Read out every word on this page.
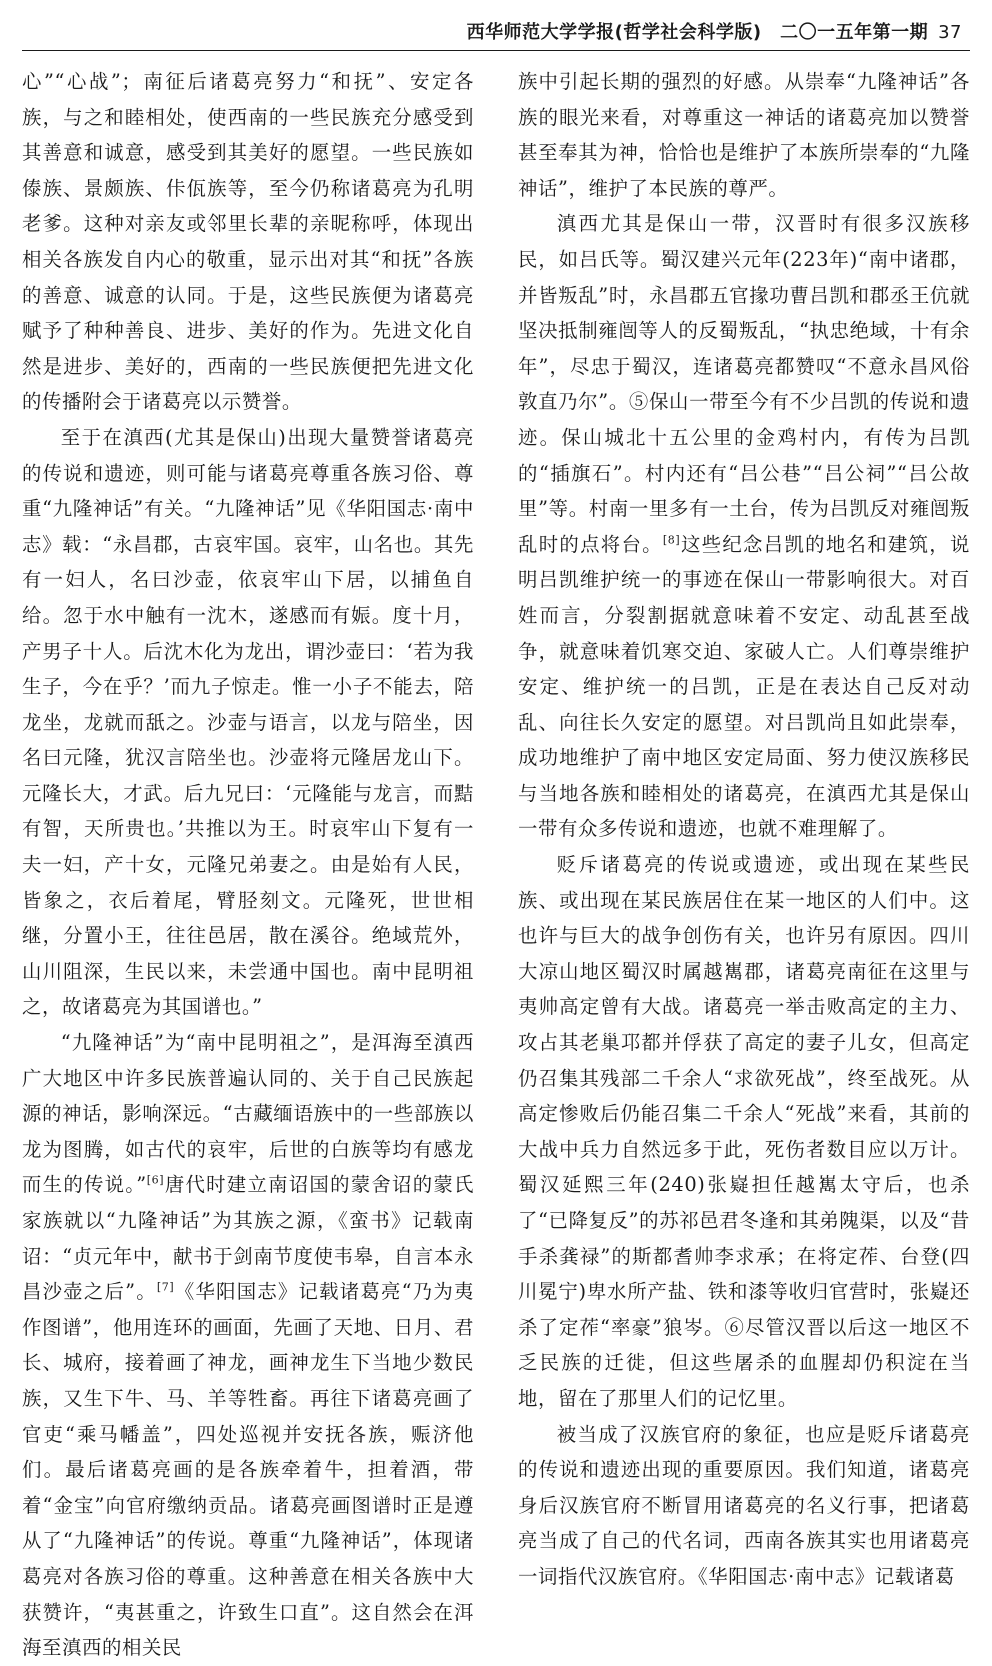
西华师范大学学报(哲学社会科学版)　二〇一五年第一期 37

心”“心战”；南征后诸葛亮努力“和抚”、安定各族，与之和睦相处，使西南的一些民族充分感受到其善意和诚意，感受到其美好的愿望。一些民族如傣族、景颇族、佧佤族等，至今仍称诸葛亮为孔明老爹。这种对亲友或邻里长辈的亲昵称呼，体现出相关各族发自内心的敬重，显示出对其“和抚”各族的善意、诚意的认同。于是，这些民族便为诸葛亮赋予了种种善良、进步、美好的作为。先进文化自然是进步、美好的，西南的一些民族便把先进文化的传播附会于诸葛亮以示赞誉。

至于在滇西(尤其是保山)出现大量赞誉诸葛亮的传说和遗迹，则可能与诸葛亮尊重各族习俗、尊重“九隆神话”有关。“九隆神话”见《华阳国志·南中志》载：“永昌郡，古哀牢国。哀牢，山名也。其先有一妇人，名曰沙壶，依哀牢山下居，以捕鱼自给。忽于水中触有一沈木，遂感而有娠。度十月，产男子十人。后沈木化为龙出，谓沙壶曰：‘若为我生子，今在乎？’而九子惊走。惟一小子不能去，陪龙坐，龙就而舐之。沙壶与语言，以龙与陪坐，因名曰元隆，犹汉言陪坐也。沙壶将元隆居龙山下。元隆长大，才武。后九兄曰：‘元隆能与龙言，而黠有智，天所贵也。’共推以为王。时哀牢山下复有一夫一妇，产十女，元隆兄弟妻之。由是始有人民，皆象之，衣后着尾，臂胫刻文。元隆死，世世相继，分置小王，往往邑居，散在溪谷。绝域荒外，山川阻深，生民以来，未尝通中国也。南中昆明祖之，故诸葛亮为其国谱也。”

“九隆神话”为“南中昆明祖之”，是洱海至滇西广大地区中许多民族普遍认同的、关于自己民族起源的神话，影响深远。“古藏缅语族中的一些部族以龙为图腾，如古代的哀牢，后世的白族等均有感龙而生的传说。”[6]唐代时建立南诏国的蒙舍诏的蒙氏家族就以“九隆神话”为其族之源，《蛮书》记载南诏：“贞元年中，献书于剑南节度使韦皋，自言本永昌沙壶之后”。[7]《华阳国志》记载诸葛亮“乃为夷作图谱”，他用连环的画面，先画了天地、日月、君长、城府，接着画了神龙，画神龙生下当地少数民族，又生下牛、马、羊等牲畜。再往下诸葛亮画了官吏“乘马幡盖”，四处巡视并安抚各族，赈济他们。最后诸葛亮画的是各族牵着牛，担着酒，带着“金宝”向官府缴纳贡品。诸葛亮画图谱时正是遵从了“九隆神话”的传说。尊重“九隆神话”，体现诸葛亮对各族习俗的尊重。这种善意在相关各族中大获赞许，“夷甚重之，许致生口直”。这自然会在洱海至滇西的相关民

族中引起长期的强烈的好感。从崇奉“九隆神话”各族的眼光来看，对尊重这一神话的诸葛亮加以赞誉甚至奉其为神，恰恰也是维护了本族所崇奉的“九隆神话”，维护了本民族的尊严。

滇西尤其是保山一带，汉晋时有很多汉族移民，如吕氏等。蜀汉建兴元年(223年)“南中诸郡，并皆叛乱”时，永昌郡五官掾功曹吕凯和郡丞王伉就坚决抵制雍闿等人的反蜀叛乱，“执忠绝域，十有余年”，尽忠于蜀汉，连诸葛亮都赞叹“不意永昌风俗敦直乃尔”。⑤保山一带至今有不少吕凯的传说和遗迹。保山城北十五公里的金鸡村内，有传为吕凯的“插旗石”。村内还有“吕公巷”“吕公祠”“吕公故里”等。村南一里多有一土台，传为吕凯反对雍闿叛乱时的点将台。[8]这些纪念吕凯的地名和建筑，说明吕凯维护统一的事迹在保山一带影响很大。对百姓而言，分裂割据就意味着不安定、动乱甚至战争，就意味着饥寒交迫、家破人亡。人们尊崇维护安定、维护统一的吕凯，正是在表达自己反对动乱、向往长久安定的愿望。对吕凯尚且如此崇奉，成功地维护了南中地区安定局面、努力使汉族移民与当地各族和睦相处的诸葛亮，在滇西尤其是保山一带有众多传说和遗迹，也就不难理解了。

贬斥诸葛亮的传说或遗迹，或出现在某些民族、或出现在某民族居住在某一地区的人们中。这也许与巨大的战争创伤有关，也许另有原因。四川大凉山地区蜀汉时属越嶲郡，诸葛亮南征在这里与夷帅高定曾有大战。诸葛亮一举击败高定的主力、攻占其老巢邛都并俘获了高定的妻子儿女，但高定仍召集其残部二千余人“求欲死战”，终至战死。从高定惨败后仍能召集二千余人“死战”来看，其前的大战中兵力自然远多于此，死伤者数目应以万计。蜀汉延熙三年(240)张嶷担任越嶲太守后，也杀了“已降复反”的苏祁邑君冬逢和其弟隗渠，以及“昔手杀龚禄”的斯都耆帅李求承；在将定莋、台登(四川冕宁)卑水所产盐、铁和漆等收归官营时，张嶷还杀了定莋“率豪”狼岑。⑥尽管汉晋以后这一地区不乏民族的迁徙，但这些屠杀的血腥却仍积淀在当地，留在了那里人们的记忆里。

被当成了汉族官府的象征，也应是贬斥诸葛亮的传说和遗迹出现的重要原因。我们知道，诸葛亮身后汉族官府不断冒用诸葛亮的名义行事，把诸葛亮当成了自己的代名词，西南各族其实也用诸葛亮一词指代汉族官府。《华阳国志·南中志》记载诸葛
